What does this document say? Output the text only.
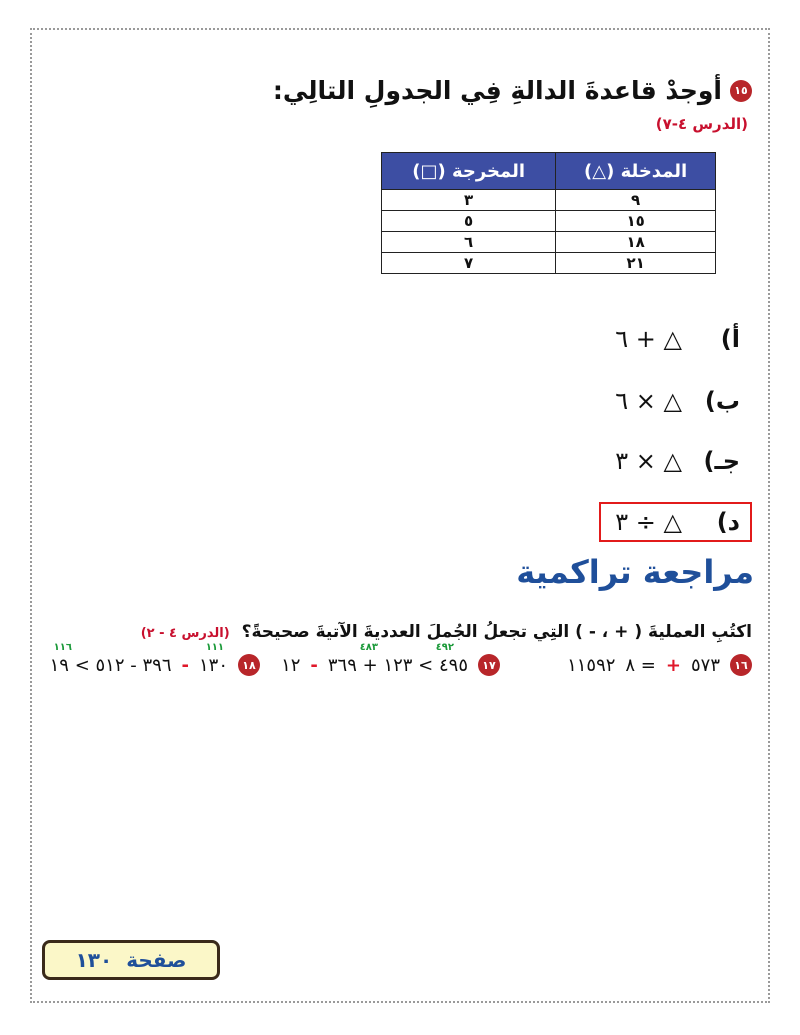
١٥
أوجدْ قاعدةَ الدالةِ فِي الجدولِ التالِي:
(الدرس ٤-٧)
المدخلة (△)	المخرجة (□)
٩	٣
١٥	٥
١٨	٦
٢١	٧
أ)
△ + ٦
ب)
△ × ٦
جـ)
△ × ٣
د)
△ ÷ ٣
مراجعة تراكمية
اكتُبِ العمليةَ ( + ، - ) التِي تجعلُ الجُملَ العدديةَ الآتيةَ صحيحةً؟ (الدرس ٤ - ٢)
١٦
٥٧٣
+
= ٨
١١٥٩٢
١٧
٤٩٢
٤٨٣
٤٩٥ > ١٢٣ + ٣٦٩
-
١٢
١٨
١١١
١٣٠
-
١١٦
٣٩٦ - ٥١٢ > ١٩
صفحة
١٣٠
